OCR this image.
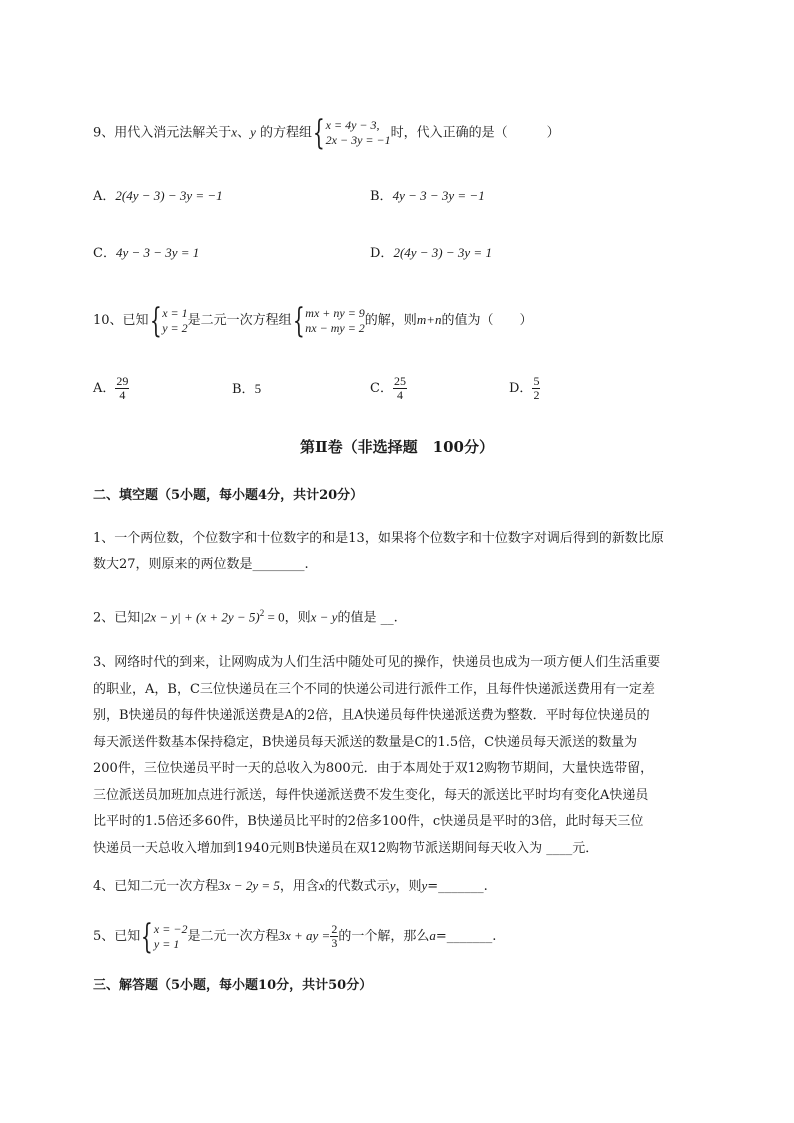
9、用代入消元法解关于x、y 的方程组{ x = 4y − 3,
2x − 3y = −1 时，代入正确的是（　　　）
A．2(4y − 3) − 3y = −1	B．4y − 3 − 3y = −1
C．4y − 3 − 3y = 1	D．2(4y − 3) − 3y = 1
10、已知{ x = 1
y = 2 是二元一次方程组{ mx + ny = 9
nx − my = 2 的解，则m+n的值为（　　）
A． $\frac{29}{4}$	B．5	C． $\frac{25}{4}$	D． $\frac{5}{2}$
第Ⅱ卷（非选择题　100分）
二、填空题（5小题，每小题4分，共计20分）
1、一个两位数，个位数字和十位数字的和是13，如果将个位数字和十位数字对调后得到的新数比原
数大27，则原来的两位数是________.
2、已知$|2x - y| + (x + 2y - 5)^2 = 0$，则x − y的值是 __.
3、网络时代的到来，让网购成为人们生活中随处可见的操作，快递员也成为一项方便人们生活重要
的职业，A，B，C三位快递员在三个不同的快递公司进行派件工作，且每件快递派送费用有一定差
别，B快递员的每件快递派送费是A的2倍，且A快递员每件快递派送费为整数．平时每位快递员的
每天派送件数基本保持稳定，B快递员每天派送的数量是C的1.5倍，C快递员每天派送的数量为
200件，三位快递员平时一天的总收入为800元．由于本周处于双12购物节期间，大量快选带留，
三位派送员加班加点进行派送，每件快递派送费不发生变化，每天的派送比平时均有变化A快递员
比平时的1.5倍还多60件，B快递员比平时的2倍多100件，c快递员是平时的3倍，此时每天三位
快递员一天总收入增加到1940元则B快递员在双12购物节派送期间每天收入为 ____元．
4、已知二元一次方程3x − 2y = 5，用含x的代数式示y，则y=_______.
5、已知{ x = −2
y = 1 是二元一次方程3x + ay = $\frac{2}{3}$ 的一个解，那么a=_______.
三、解答题（5小题，每小题10分，共计50分）
